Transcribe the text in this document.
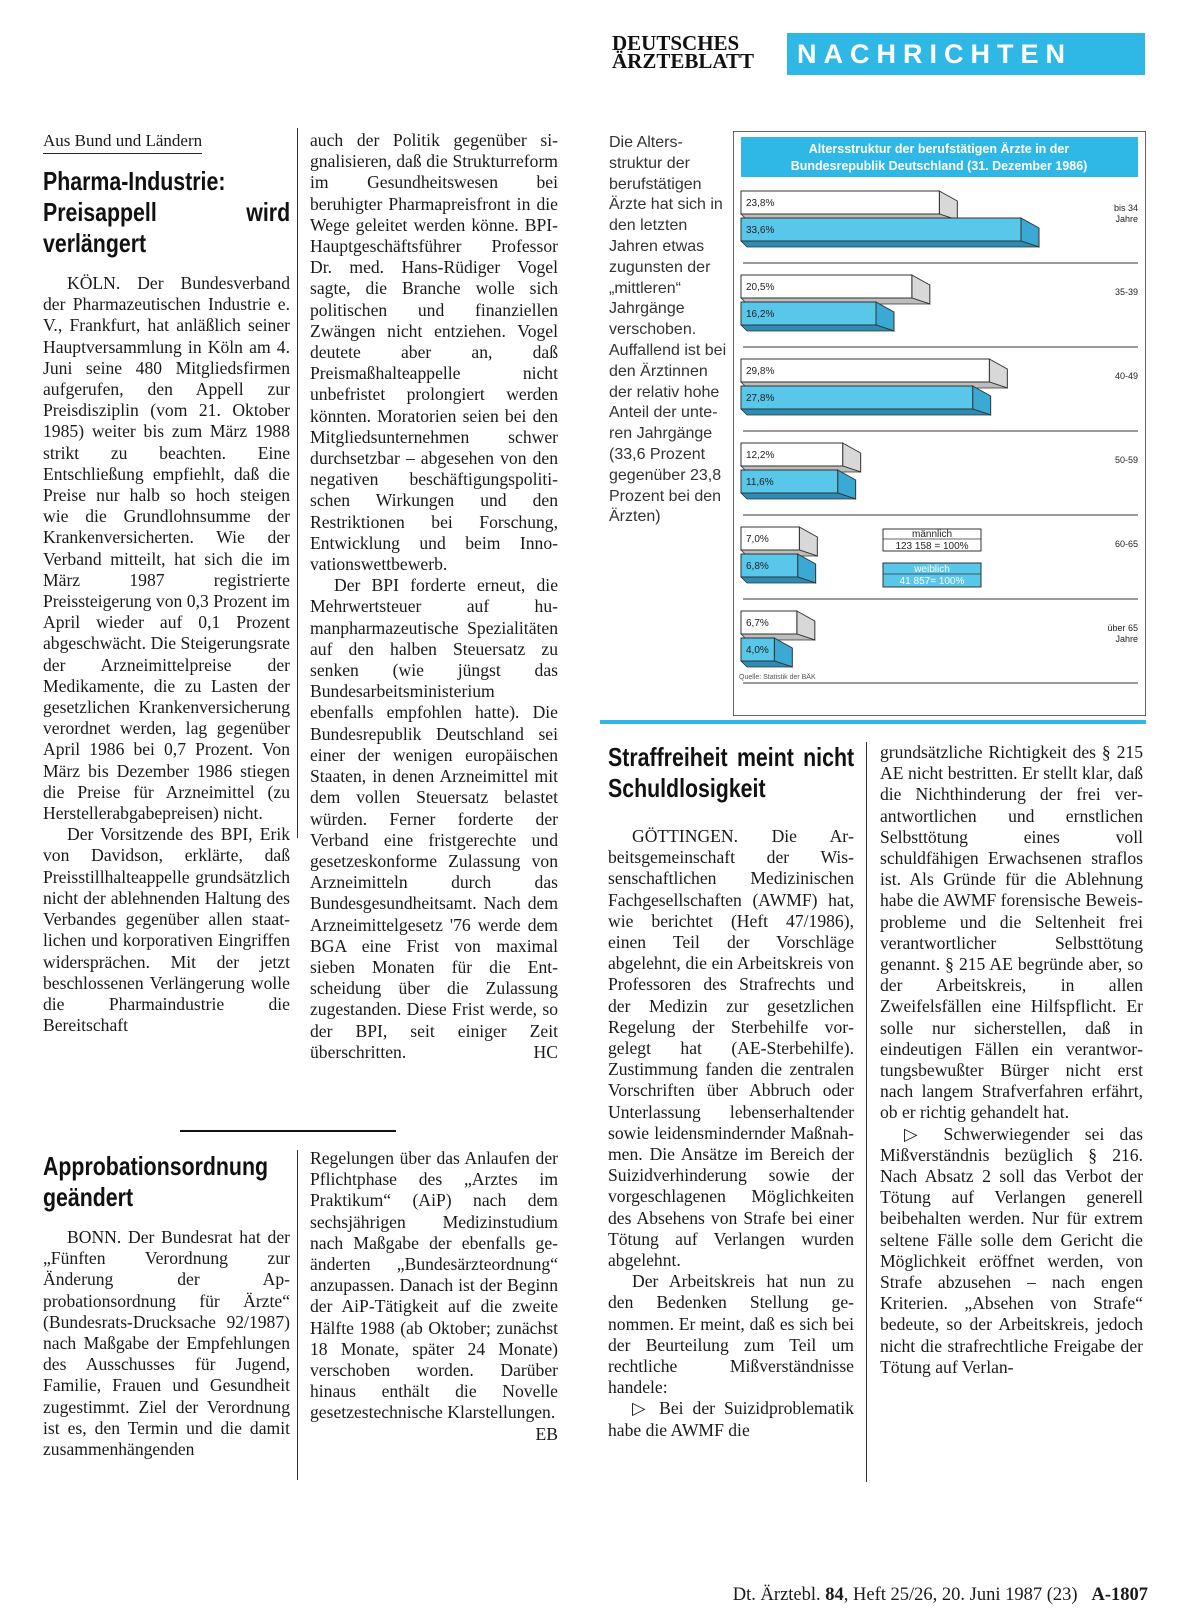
DEUTSCHES
ÄRZTEBLATT	NACHRICHTEN
Aus Bund und Ländern
Pharma-Industrie: Preisappell wird verlängert

KÖLN. Der Bundesverband der Pharmazeutischen Industrie e. V., Frankfurt, hat anläßlich seiner Hauptversammlung in Köln am 4. Juni seine 480 Mitgliedsfirmen aufgerufen, den Appell zur Preisdisziplin (vom 21. Oktober 1985) weiter bis zum März 1988 strikt zu beachten. Eine Entschließung empfiehlt, daß die Preise nur halb so hoch steigen wie die Grundlohnsumme der Krankenversicherten. Wie der Verband mitteilt, hat sich die im März 1987 registrierte Preissteigerung von 0,3 Prozent im April wieder auf 0,1 Prozent abgeschwächt. Die Steigerungsrate der Arzneimittelpreise der Medikamente, die zu Lasten der gesetzlichen Krankenversicherung verordnet werden, lag gegenüber April 1986 bei 0,7 Prozent. Von März bis Dezember 1986 stiegen die Preise für Arzneimittel (zu Herstellerabgabepreisen) nicht.

Der Vorsitzende des BPI, Erik von Davidson, erklärte, daß Preisstillhalteappelle grundsätzlich nicht der ablehnenden Haltung des Verbandes gegenüber allen staatlichen und korporativen Eingriffen widersprächen. Mit der jetzt beschlossenen Verlängerung wolle die Pharmaindustrie die Bereitschaft

auch der Politik gegenüber signalisieren, daß die Strukturreform im Gesundheitswesen bei beruhigter Pharmapreisfront in die Wege geleitet werden könne. BPI-Hauptgeschäftsführer Professor Dr. med. Hans-Rüdiger Vogel sagte, die Branche wolle sich politischen und finanziellen Zwängen nicht entziehen. Vogel deutete aber an, daß Preismaßhalteappelle nicht unbefristet prolongiert werden könnten. Moratorien seien bei den Mitgliedsunternehmen schwer durchsetzbar – abgesehen von den negativen beschäftigungspolitischen Wirkungen und den Restriktionen bei Forschung, Entwicklung und beim Innovationswettbewerb.

Der BPI forderte erneut, die Mehrwertsteuer auf humanpharmazeutische Spezialitäten auf den halben Steuersatz zu senken (wie jüngst das Bundesarbeitsministerium ebenfalls empfohlen hatte). Die Bundesrepublik Deutschland sei einer der wenigen europäischen Staaten, in denen Arzneimittel mit dem vollen Steuersatz belastet würden. Ferner forderte der Verband eine fristgerechte und gesetzeskonforme Zulassung von Arzneimitteln durch das Bundesgesundheitsamt. Nach dem Arzneimittelgesetz '76 werde dem BGA eine Frist von maximal sieben Monaten für die Entscheidung über die Zulassung zugestanden. Diese Frist werde, so der BPI, seit einiger Zeit überschritten.	HC

Approbationsordnung geändert

BONN. Der Bundesrat hat der „Fünften Verordnung zur Änderung der Approbationsordnung für Ärzte“ (Bundesrats-Drucksache 92/1987) nach Maßgabe der Empfehlungen des Ausschusses für Jugend, Familie, Frauen und Gesundheit zugestimmt. Ziel der Verordnung ist es, den Termin und die damit zusammenhängenden

Regelungen über das Anlaufen der Pflichtphase des „Arztes im Praktikum“ (AiP) nach dem sechsjährigen Medizinstudium nach Maßgabe der ebenfalls geänderten „Bundesärzteordnung“ anzupassen. Danach ist der Beginn der AiP-Tätigkeit auf die zweite Hälfte 1988 (ab Oktober; zunächst 18 Monate, später 24 Monate) verschoben worden. Darüber hinaus enthält die Novelle gesetzestechnische Klarstellungen.
EB

Die Altersstruktur der berufstätigen Ärzte hat sich in den letzten Jahren etwas zugunsten der „mittleren“ Jahrgänge verschoben. Auffallend ist bei den Ärztinnen der relativ hohe Anteil der unteren Jahrgänge (33,6 Prozent gegenüber 23,8 Prozent bei den Ärzten)

Altersstruktur der berufstätigen Ärzte in der
Bundesrepublik Deutschland (31. Dezember 1986)
23,8%
33,6%
bis 34
Jahre
20,5%
16,2%
35-39
29,8%
27,8%
40-49
12,2%
11,6%
50-59
7,0%
6,8%
60-65
6,7%
4,0%
über 65
Jahre
männlich
123 158 = 100%
weiblich
41 857= 100%
Quelle: Statistik der BÄK
Straffreiheit meint nicht Schuldlosigkeit

GÖTTINGEN. Die Arbeitsgemeinschaft der Wissenschaftlichen Medizinischen Fachgesellschaften (AWMF) hat, wie berichtet (Heft 47/1986), einen Teil der Vorschläge abgelehnt, die ein Arbeitskreis von Professoren des Strafrechts und der Medizin zur gesetzlichen Regelung der Sterbehilfe vorgelegt hat (AE-Sterbehilfe). Zustimmung fanden die zentralen Vorschriften über Abbruch oder Unterlassung lebenserhaltender sowie leidensmindernder Maßnahmen. Die Ansätze im Bereich der Suizidverhinderung sowie der vorgeschlagenen Möglichkeiten des Absehens von Strafe bei einer Tötung auf Verlangen wurden abgelehnt.

Der Arbeitskreis hat nun zu den Bedenken Stellung genommen. Er meint, daß es sich bei der Beurteilung zum Teil um rechtliche Mißverständnisse handele:

▷ Bei der Suizidproblematik habe die AWMF die

grundsätzliche Richtigkeit des § 215 AE nicht bestritten. Er stellt klar, daß die Nichthinderung der frei verantwortlichen und ernstlichen Selbsttötung eines voll schuldfähigen Erwachsenen straflos ist. Als Gründe für die Ablehnung habe die AWMF forensische Beweisprobleme und die Seltenheit frei verantwortlicher Selbsttötung genannt. § 215 AE begründe aber, so der Arbeitskreis, in allen Zweifelsfällen eine Hilfspflicht. Er solle nur sicherstellen, daß in eindeutigen Fällen ein verantwortungsbewußter Bürger nicht erst nach langem Strafverfahren erfährt, ob er richtig gehandelt hat.

▷ Schwerwiegender sei das Mißverständnis bezüglich § 216. Nach Absatz 2 soll das Verbot der Tötung auf Verlangen generell beibehalten werden. Nur für extrem seltene Fälle solle dem Gericht die Möglichkeit eröffnet werden, von Strafe abzusehen – nach engen Kriterien. „Absehen von Strafe“ bedeute, so der Arbeitskreis, jedoch nicht die strafrechtliche Freigabe der Tötung auf Verlan-

Dt. Ärztebl. 84, Heft 25/26, 20. Juni 1987 (23) A-1807
